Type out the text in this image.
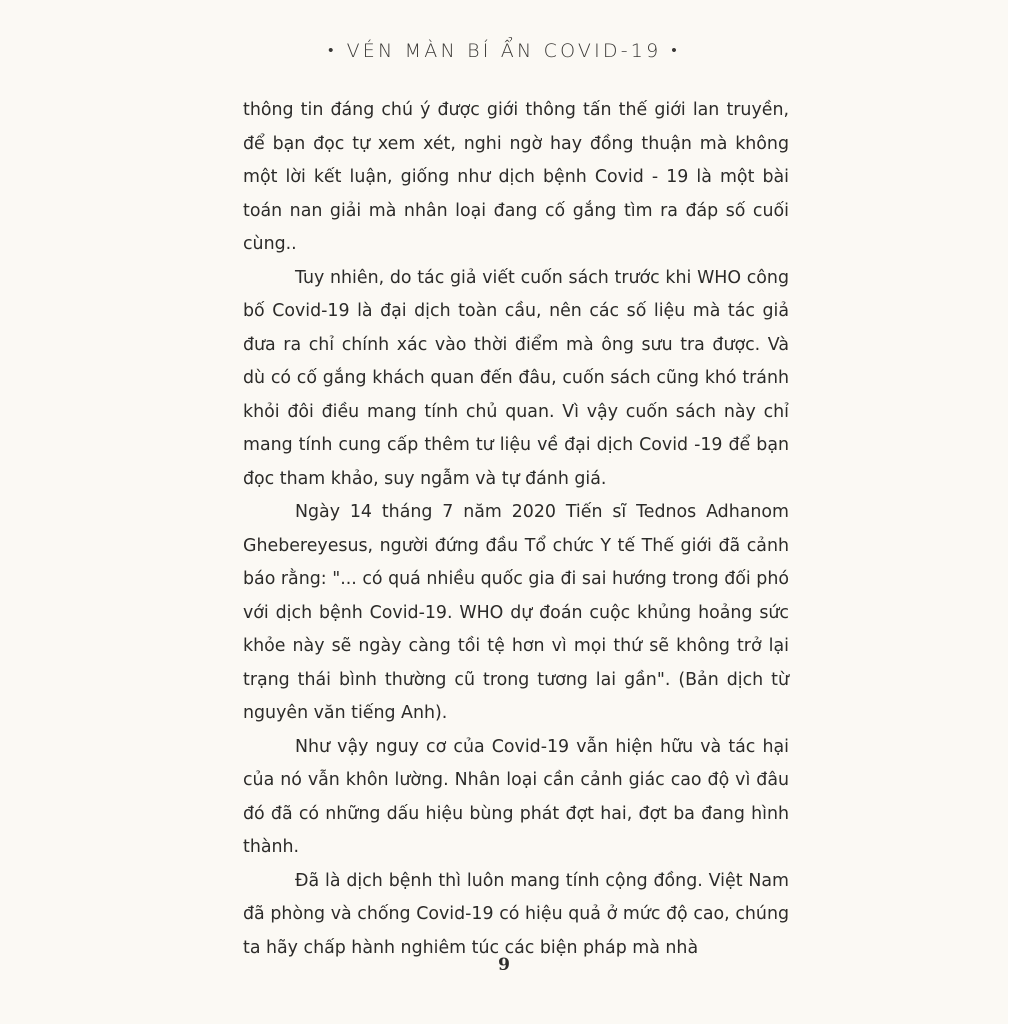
• VÉN MÀN BÍ ẨN COVID-19 •

thông tin đáng chú ý được giới thông tấn thế giới lan truyền, để bạn đọc tự xem xét, nghi ngờ hay đồng thuận mà không một lời kết luận, giống như dịch bệnh Covid - 19 là một bài toán nan giải mà nhân loại đang cố gắng tìm ra đáp số cuối cùng..

Tuy nhiên, do tác giả viết cuốn sách trước khi WHO công bố Covid-19 là đại dịch toàn cầu, nên các số liệu mà tác giả đưa ra chỉ chính xác vào thời điểm mà ông sưu tra được. Và dù có cố gắng khách quan đến đâu, cuốn sách cũng khó tránh khỏi đôi điều mang tính chủ quan. Vì vậy cuốn sách này chỉ mang tính cung cấp thêm tư liệu về đại dịch Covid -19 để bạn đọc tham khảo, suy ngẫm và tự đánh giá.

Ngày 14 tháng 7 năm 2020 Tiến sĩ Tednos Adhanom Ghebereyesus, người đứng đầu Tổ chức Y tế Thế giới đã cảnh báo rằng: "... có quá nhiều quốc gia đi sai hướng trong đối phó với dịch bệnh Covid-19. WHO dự đoán cuộc khủng hoảng sức khỏe này sẽ ngày càng tồi tệ hơn vì mọi thứ sẽ không trở lại trạng thái bình thường cũ trong tương lai gần". (Bản dịch từ nguyên văn tiếng Anh).

Như vậy nguy cơ của Covid-19 vẫn hiện hữu và tác hại của nó vẫn khôn lường. Nhân loại cần cảnh giác cao độ vì đâu đó đã có những dấu hiệu bùng phát đợt hai, đợt ba đang hình thành.

Đã là dịch bệnh thì luôn mang tính cộng đồng. Việt Nam đã phòng và chống Covid-19 có hiệu quả ở mức độ cao, chúng ta hãy chấp hành nghiêm túc các biện pháp mà nhà

9
